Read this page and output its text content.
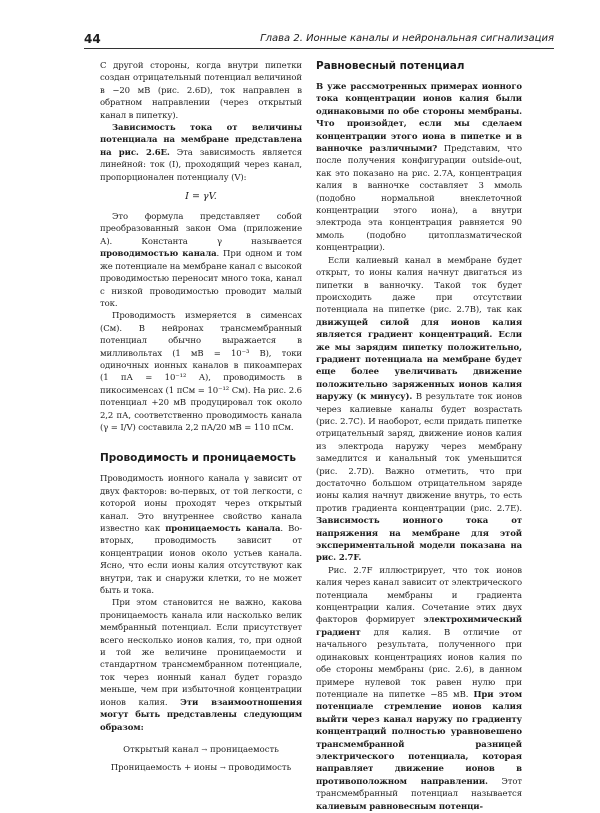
44	Глава 2. Ионные каналы и нейрональная сигнализация

С другой стороны, когда внутри пипетки создан отрицательный потенциал величиной в −20 мВ (рис. 2.6D), ток направлен в обратном направлении (через открытый канал в пипетку).

Зависимость тока от величины потенциала на мембране представлена на рис. 2.6E. Эта зависимость является линейной: ток (I), проходящий через канал, пропорционален потенциалу (V):

I = γV.

Это формула представляет собой преобразованный закон Ома (приложение А). Константа γ называется проводимостью канала. При одном и том же потенциале на мембране канал с высокой проводимостью переносит много тока, канал с низкой проводимостью проводит малый ток.

Проводимость измеряется в сименсах (См). В нейронах трансмембранный потенциал обычно выражается в милливольтах (1 мВ = 10⁻³ В), токи одиночных ионных каналов в пикоамперах (1 пА = 10⁻¹² А), проводимость в пикосименсах (1 пСм = 10⁻¹² См). На рис. 2.6 потенциал +20 мВ продуцировал ток около 2,2 пА, соответственно проводимость канала (γ = I/V) составила 2,2 пА/20 мВ = 110 пСм.

Проводимость и проницаемость

Проводимость ионного канала γ зависит от двух факторов: во-первых, от той легкости, с которой ионы проходят через открытый канал. Это внутреннее свойство канала известно как проницаемость канала. Во-вторых, проводимость зависит от концентрации ионов около устьев канала. Ясно, что если ионы калия отсутствуют как внутри, так и снаружи клетки, то не может быть и тока.

При этом становится не важно, какова проницаемость канала или насколько велик мембранный потенциал. Если присутствует всего несколько ионов калия, то, при одной и той же величине проницаемости и стандартном трансмембранном потенциале, ток через ионный канал будет гораздо меньше, чем при избыточной концентрации ионов калия. Эти взаимоотношения могут быть представлены следующим образом:

Открытый канал → проницаемость
Проницаемость + ионы → проводимость
Равновесный потенциал

В уже рассмотренных примерах ионного тока концентрации ионов калия были одинаковыми по обе стороны мембраны. Что произойдет, если мы сделаем концентрации этого иона в пипетке и в ванночке различными? Представим, что после получения конфигурации outside-out, как это показано на рис. 2.7A, концентрация калия в ванночке составляет 3 ммоль (подобно нормальной внеклеточной концентрации этого иона), а внутри электрода эта концентрация равняется 90 ммоль (подобно цитоплазматической концентрации).

Если калиевый канал в мембране будет открыт, то ионы калия начнут двигаться из пипетки в ванночку. Такой ток будет происходить даже при отсутствии потенциала на пипетке (рис. 2.7B), так как движущей силой для ионов калия является градиент концентраций. Если же мы зарядим пипетку положительно, градиент потенциала на мембране будет еще более увеличивать движение положительно заряженных ионов калия наружу (к минусу). В результате ток ионов через калиевые каналы будет возрастать (рис. 2.7C). И наоборот, если придать пипетке отрицательный заряд, движение ионов калия из электрода наружу через мембрану замедлится и канальный ток уменьшится (рис. 2.7D). Важно отметить, что при достаточно большом отрицательном заряде ионы калия начнут движение внутрь, то есть против градиента концентрации (рис. 2.7E). Зависимость ионного тока от напряжения на мембране для этой экспериментальной модели показана на рис. 2.7F.

Рис. 2.7F иллюстрирует, что ток ионов калия через канал зависит от электрического потенциала мембраны и градиента концентрации калия. Сочетание этих двух факторов формирует электрохимический градиент для калия. В отличие от начального результата, полученного при одинаковых концентрациях ионов калия по обе стороны мембраны (рис. 2.6), в данном примере нулевой ток равен нулю при потенциале на пипетке −85 мВ. При этом потенциале стремление ионов калия выйти через канал наружу по градиенту концентраций полностью уравновешено трансмембранной разницей электрического потенциала, которая направляет движение ионов в противоположном направлении. Этот трансмембранный потенциал называется калиевым равновесным потенци-
